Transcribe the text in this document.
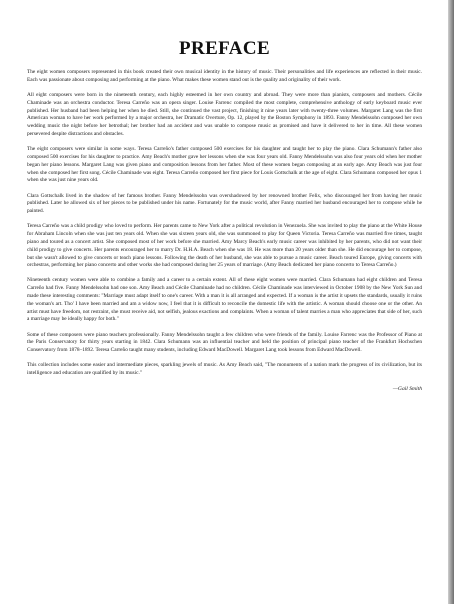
PREFACE

The eight women composers represented in this book created their own musical identity in the history of music. Their personalities and life experiences are reflected in their music. Each was passionate about composing and performing at the piano. What makes these women stand out is the quality and originality of their work.

All eight composers were born in the nineteenth century, each highly esteemed in her own country and abroad. They were more than pianists, composers and mothers. Cécile Chaminade was an orchestra conductor. Teresa Carreño was an opera singer. Louise Farrenc compiled the most complete, comprehensive anthology of early keyboard music ever published. Her husband had been helping her when he died. Still, she continued the vast project, finishing it nine years later with twenty-three volumes. Margaret Lang was the first American woman to have her work performed by a major orchestra, her Dramatic Overture, Op. 12, played by the Boston Symphony in 1893. Fanny Mendelssohn composed her own wedding music the night before her betrothal; her brother had an accident and was unable to compose music as promised and have it delivered to her in time. All these women persevered despite distractions and obstacles.

The eight composers were similar in some ways. Teresa Carreño's father composed 500 exercises for his daughter and taught her to play the piano. Clara Schumann's father also composed 500 exercises for his daughter to practice. Amy Beach's mother gave her lessons when she was four years old. Fanny Mendelssohn was also four years old when her mother began her piano lessons. Margaret Lang was given piano and composition lessons from her father. Most of these women began composing at an early age. Amy Beach was just four when she composed her first song. Cécile Chaminade was eight. Teresa Carreño composed her first piece for Louis Gottschalk at the age of eight. Clara Schumann composed her opus 1 when she was just nine years old.

Clara Gottschalk lived in the shadow of her famous brother. Fanny Mendelssohn was overshadowed by her renowned brother Felix, who discouraged her from having her music published. Later he allowed six of her pieces to be published under his name. Fortunately for the music world, after Fanny married her husband encouraged her to compose while he painted.

Teresa Carreño was a child prodigy who loved to perform. Her parents came to New York after a political revolution in Venezuela. She was invited to play the piano at the White House for Abraham Lincoln when she was just ten years old. When she was sixteen years old, she was summoned to play for Queen Victoria. Teresa Carreño was married five times, taught piano and toured as a concert artist. She composed most of her work before she married. Amy Marcy Beach's early music career was inhibited by her parents, who did not want their child prodigy to give concerts. Her parents encouraged her to marry Dr. H.H.A. Beach when she was 18. He was more than 20 years older than she. He did encourage her to compose, but she wasn't allowed to give concerts or teach piano lessons. Following the death of her husband, she was able to pursue a music career. Beach toured Europe, giving concerts with orchestras, performing her piano concerto and other works she had composed during her 25 years of marriage. (Amy Beach dedicated her piano concerto to Teresa Carreño.)

Nineteenth century women were able to combine a family and a career to a certain extent. All of these eight women were married. Clara Schumann had eight children and Teresa Carreño had five. Fanny Mendelssohn had one son. Amy Beach and Cécile Chaminade had no children. Cécile Chaminade was interviewed in October 1908 by the New York Sun and made these interesting comments: "Marriage must adapt itself to one's career. With a man it is all arranged and expected. If a woman is the artist it upsets the standards, usually it ruins the woman's art. Tho' I have been married and am a widow now, I feel that it is difficult to reconcile the domestic life with the artistic. A woman should choose one or the other. An artist must have freedom, not restraint, she must receive aid, not selfish, jealous exactions and complaints. When a woman of talent marries a man who appreciates that side of her, such a marriage may be ideally happy for both."

Some of these composers were piano teachers professionally. Fanny Mendelssohn taught a few children who were friends of the family. Louise Farrenc was the Professor of Piano at the Paris Conservatory for thirty years starting in 1842. Clara Schumann was an influential teacher and held the position of principal piano teacher of the Frankfurt Hochschen Conservatory from 1878–1892. Teresa Carreño taught many students, including Edward MacDowell. Margaret Lang took lessons from Edward MacDowell.

This collection includes some easier and intermediate pieces, sparkling jewels of music. As Amy Beach said, "The monuments of a nation mark the progress of its civilization, but its intelligence and education are qualified by its music."

— Gail Smith
